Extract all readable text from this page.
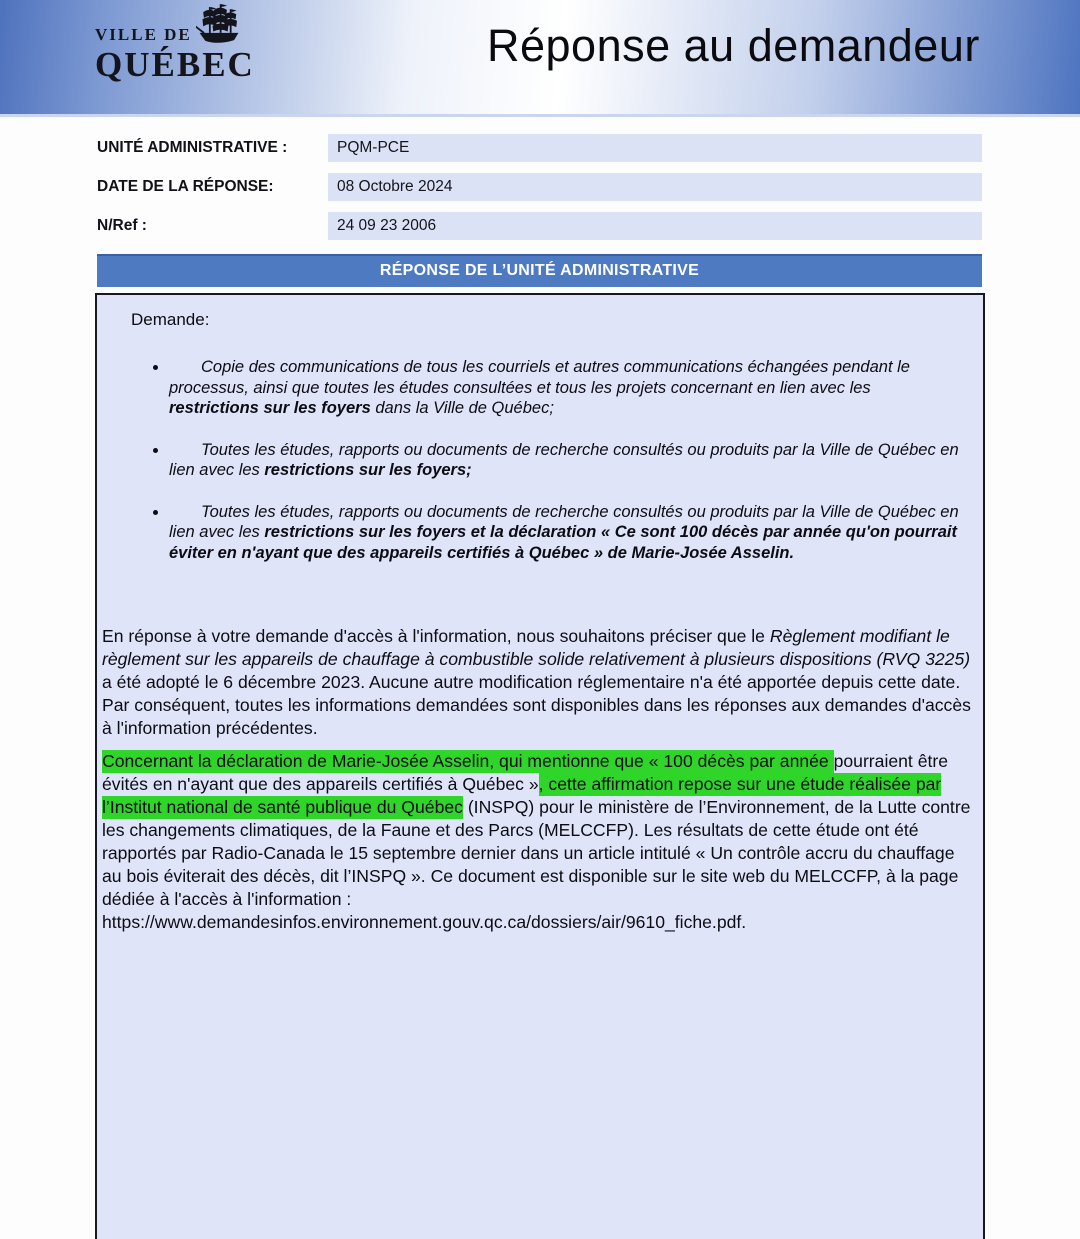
VILLE DE
QUÉBEC	Réponse au demandeur
UNITÉ ADMINISTRATIVE :	PQM-PCE
DATE DE LA RÉPONSE:	08 Octobre 2024
N/Ref :	24 09 23 2006
RÉPONSE DE L’UNITÉ ADMINISTRATIVE

Demande:

• Copie des communications de tous les courriels et autres communications échangées pendant le processus, ainsi que toutes les études consultées et tous les projets concernant en lien avec les restrictions sur les foyers dans la Ville de Québec;
• Toutes les études, rapports ou documents de recherche consultés ou produits par la Ville de Québec en lien avec les restrictions sur les foyers;
• Toutes les études, rapports ou documents de recherche consultés ou produits par la Ville de Québec en lien avec les restrictions sur les foyers et la déclaration « Ce sont 100 décès par année qu'on pourrait éviter en n'ayant que des appareils certifiés à Québec » de Marie-Josée Asselin.

En réponse à votre demande d'accès à l'information, nous souhaitons préciser que le Règlement modifiant le règlement sur les appareils de chauffage à combustible solide relativement à plusieurs dispositions (RVQ 3225) a été adopté le 6 décembre 2023. Aucune autre modification réglementaire n'a été apportée depuis cette date. Par conséquent, toutes les informations demandées sont disponibles dans les réponses aux demandes d'accès à l'information précédentes.

Concernant la déclaration de Marie-Josée Asselin, qui mentionne que « 100 décès par année pourraient être évités en n'ayant que des appareils certifiés à Québec », cette affirmation repose sur une étude réalisée par l’Institut national de santé publique du Québec (INSPQ) pour le ministère de l’Environnement, de la Lutte contre les changements climatiques, de la Faune et des Parcs (MELCCFP). Les résultats de cette étude ont été rapportés par Radio-Canada le 15 septembre dernier dans un article intitulé « Un contrôle accru du chauffage au bois éviterait des décès, dit l’INSPQ ». Ce document est disponible sur le site web du MELCCFP, à la page dédiée à l'accès à l'information : https://www.demandesinfos.environnement.gouv.qc.ca/dossiers/air/9610_fiche.pdf.
